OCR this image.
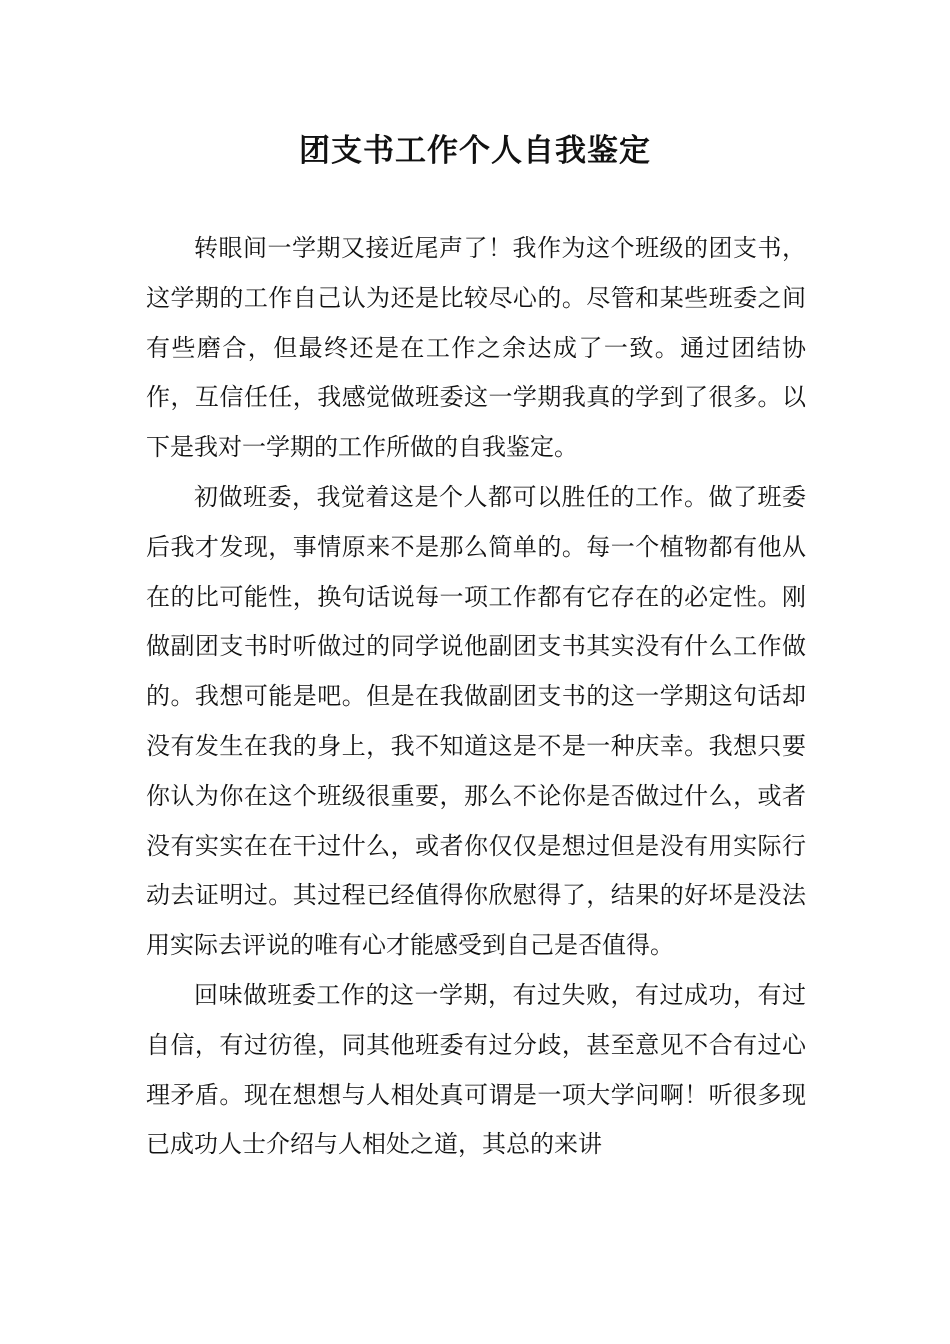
团支书工作个人自我鉴定

转眼间一学期又接近尾声了！我作为这个班级的团支书，这学期的工作自己认为还是比较尽心的。尽管和某些班委之间有些磨合，但最终还是在工作之余达成了一致。通过团结协作，互信任任，我感觉做班委这一学期我真的学到了很多。以下是我对一学期的工作所做的自我鉴定。

初做班委，我觉着这是个人都可以胜任的工作。做了班委后我才发现，事情原来不是那么简单的。每一个植物都有他从在的比可能性，换句话说每一项工作都有它存在的必定性。刚做副团支书时听做过的同学说他副团支书其实没有什么工作做的。我想可能是吧。但是在我做副团支书的这一学期这句话却没有发生在我的身上，我不知道这是不是一种庆幸。我想只要你认为你在这个班级很重要，那么不论你是否做过什么，或者没有实实在在干过什么，或者你仅仅是想过但是没有用实际行动去证明过。其过程已经值得你欣慰得了，结果的好坏是没法用实际去评说的唯有心才能感受到自己是否值得。

回味做班委工作的这一学期，有过失败，有过成功，有过自信，有过彷徨，同其他班委有过分歧，甚至意见不合有过心理矛盾。现在想想与人相处真可谓是一项大学问啊！听很多现已成功人士介绍与人相处之道，其总的来讲
